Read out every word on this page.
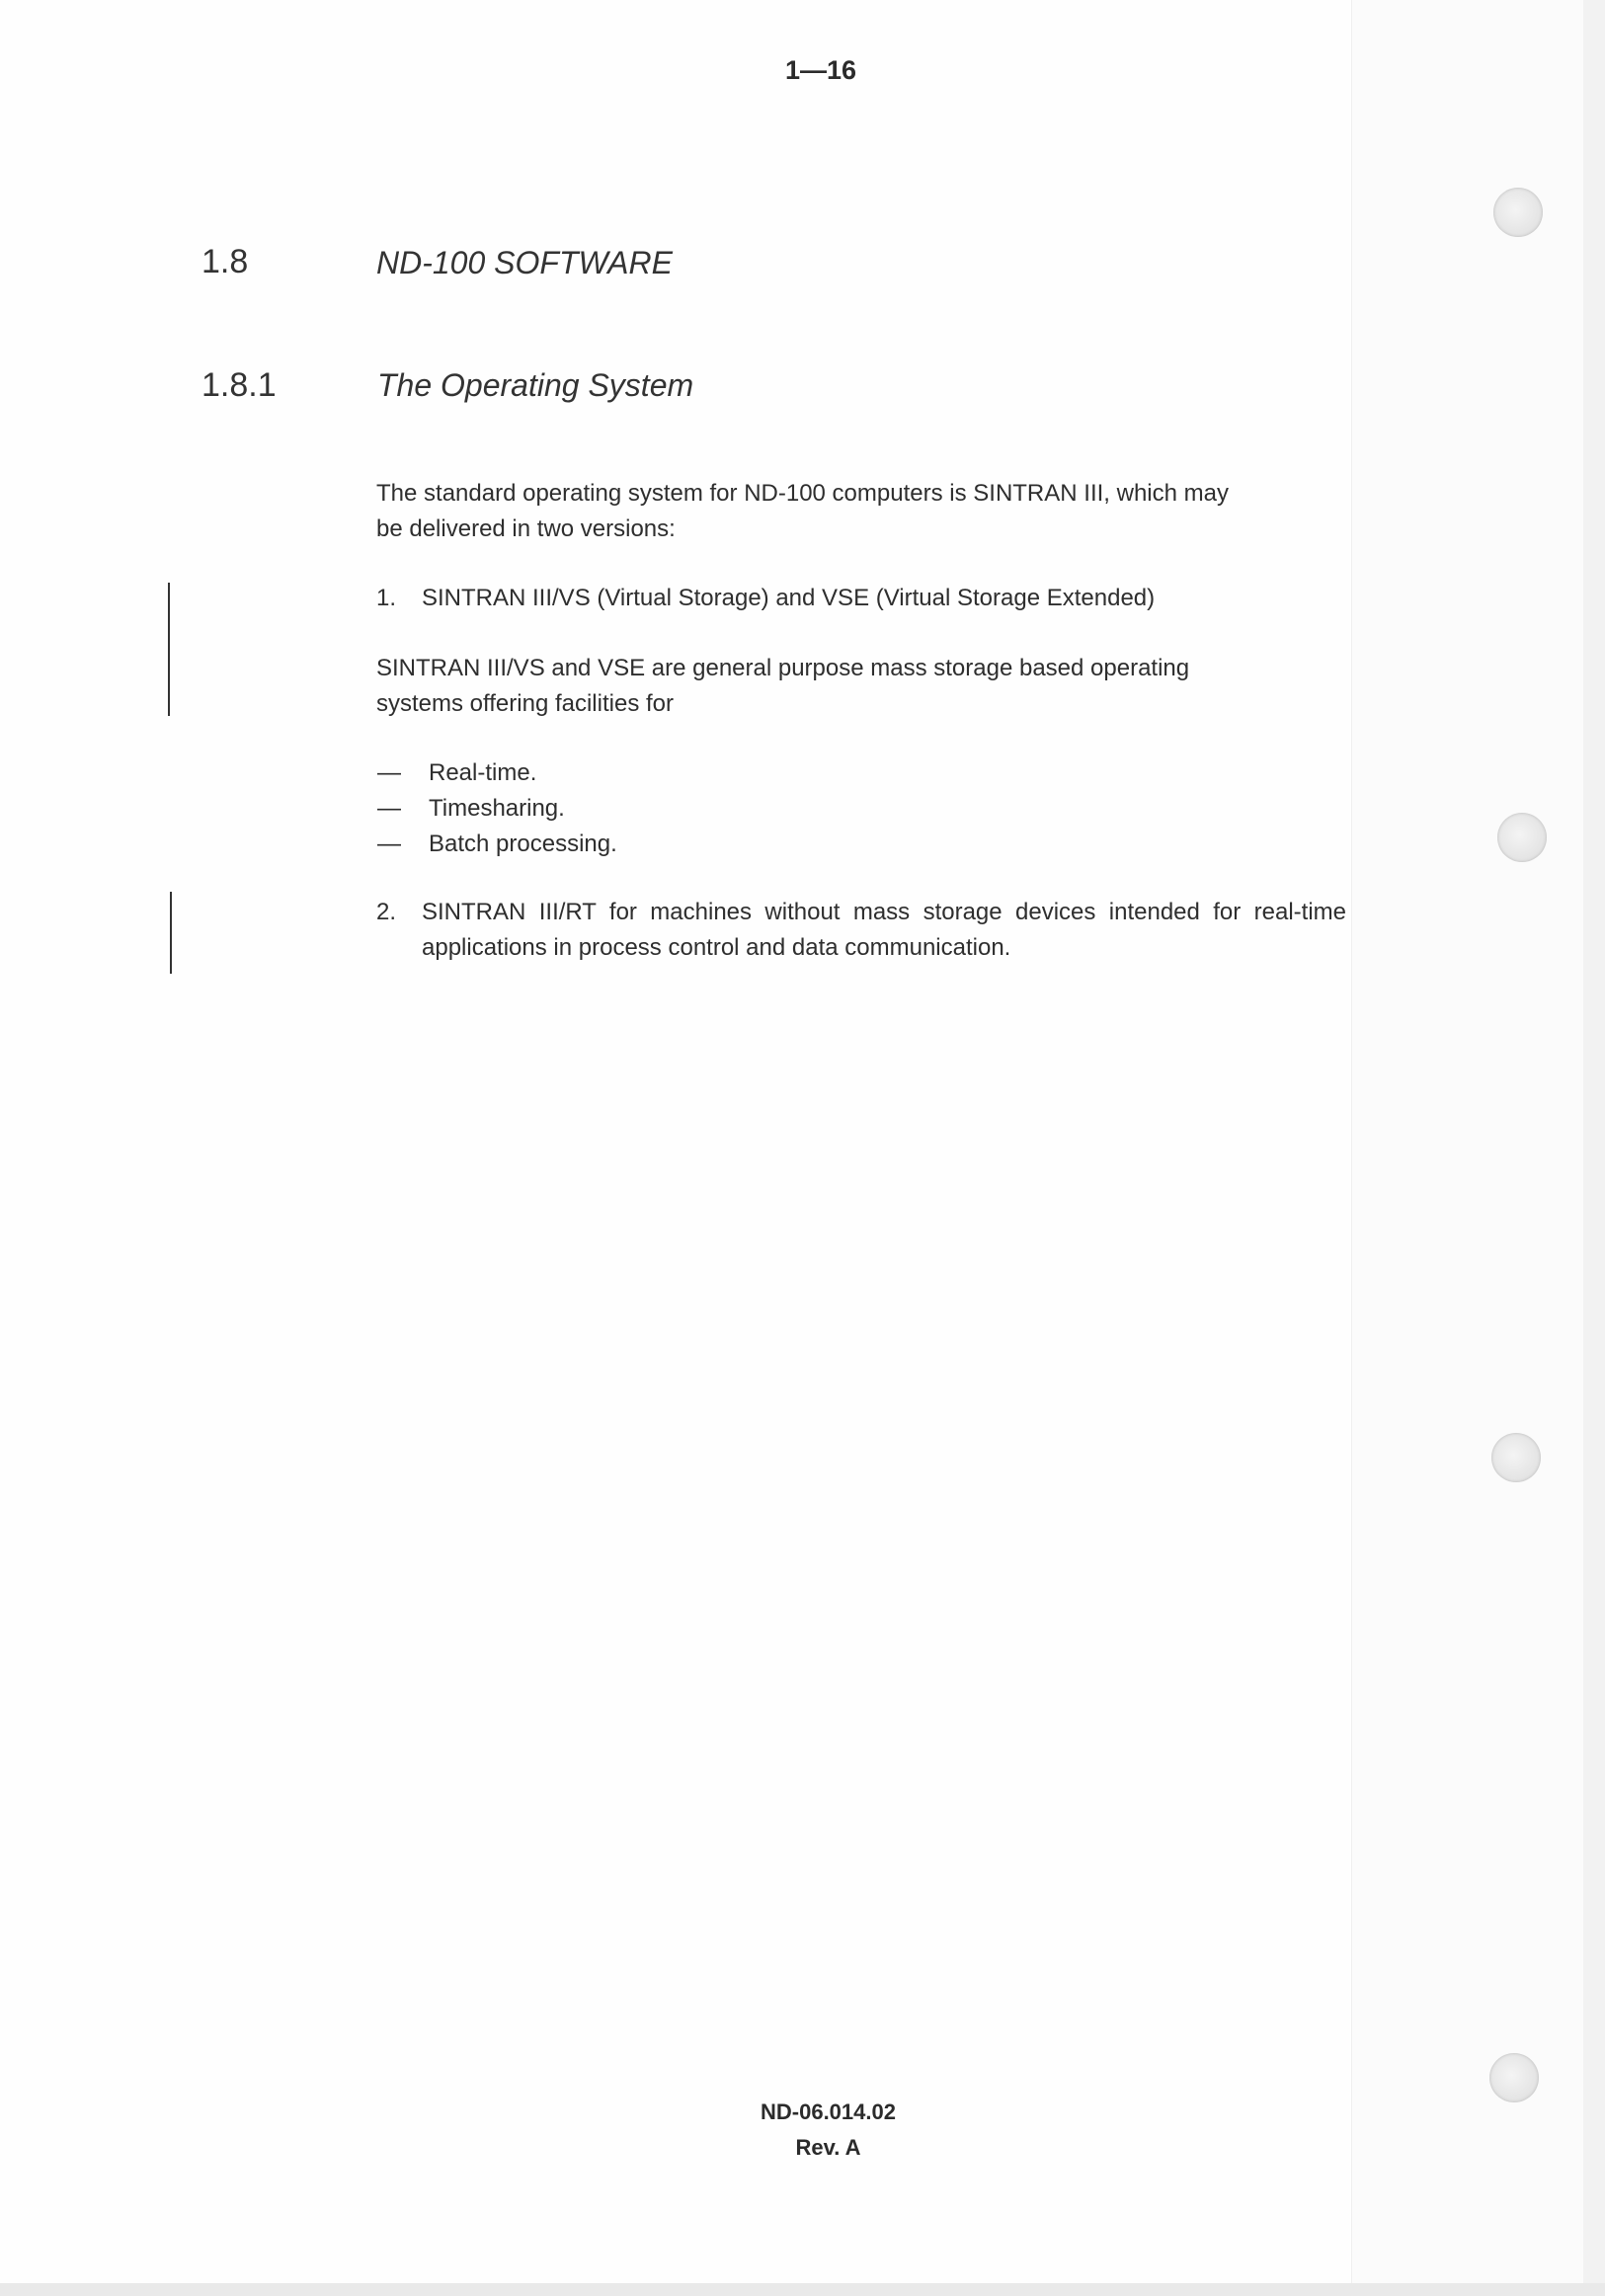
1—16
1.8	ND-100 SOFTWARE
1.8.1	The Operating System
The standard operating system for ND-100 computers is SINTRAN III, which may
be delivered in two versions:
1. SINTRAN III/VS (Virtual Storage) and VSE (Virtual Storage Extended)
SINTRAN III/VS and VSE are general purpose mass storage based operating
systems offering facilities for
— Real-time.
— Timesharing.
— Batch processing.
2. SINTRAN III/RT for machines without mass storage devices intended for real-time applications in process control and data communication.
ND-06.014.02
Rev. A
